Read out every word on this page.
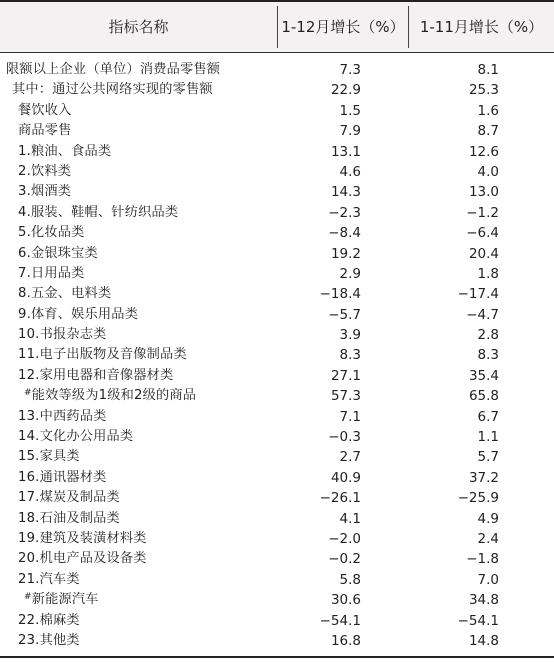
指标名称	1-12月增长（%）	1-11月增长（%）
限额以上企业（单位）消费品零售额	7.3	8.1
其中：通过公共网络实现的零售额	22.9	25.3
餐饮收入	1.5	1.6
商品零售	7.9	8.7
1.粮油、食品类	13.1	12.6
2.饮料类	4.6	4.0
3.烟酒类	14.3	13.0
4.服装、鞋帽、针纺织品类	−2.3	−1.2
5.化妆品类	−8.4	−6.4
6.金银珠宝类	19.2	20.4
7.日用品类	2.9	1.8
8.五金、电料类	−18.4	−17.4
9.体育、娱乐用品类	−5.7	−4.7
10.书报杂志类	3.9	2.8
11.电子出版物及音像制品类	8.3	8.3
12.家用电器和音像器材类	27.1	35.4
#能效等级为1级和2级的商品	57.3	65.8
13.中西药品类	7.1	6.7
14.文化办公用品类	−0.3	1.1
15.家具类	2.7	5.7
16.通讯器材类	40.9	37.2
17.煤炭及制品类	−26.1	−25.9
18.石油及制品类	4.1	4.9
19.建筑及装潢材料类	−2.0	2.4
20.机电产品及设备类	−0.2	−1.8
21.汽车类	5.8	7.0
#新能源汽车	30.6	34.8
22.棉麻类	−54.1	−54.1
23.其他类	16.8	14.8
